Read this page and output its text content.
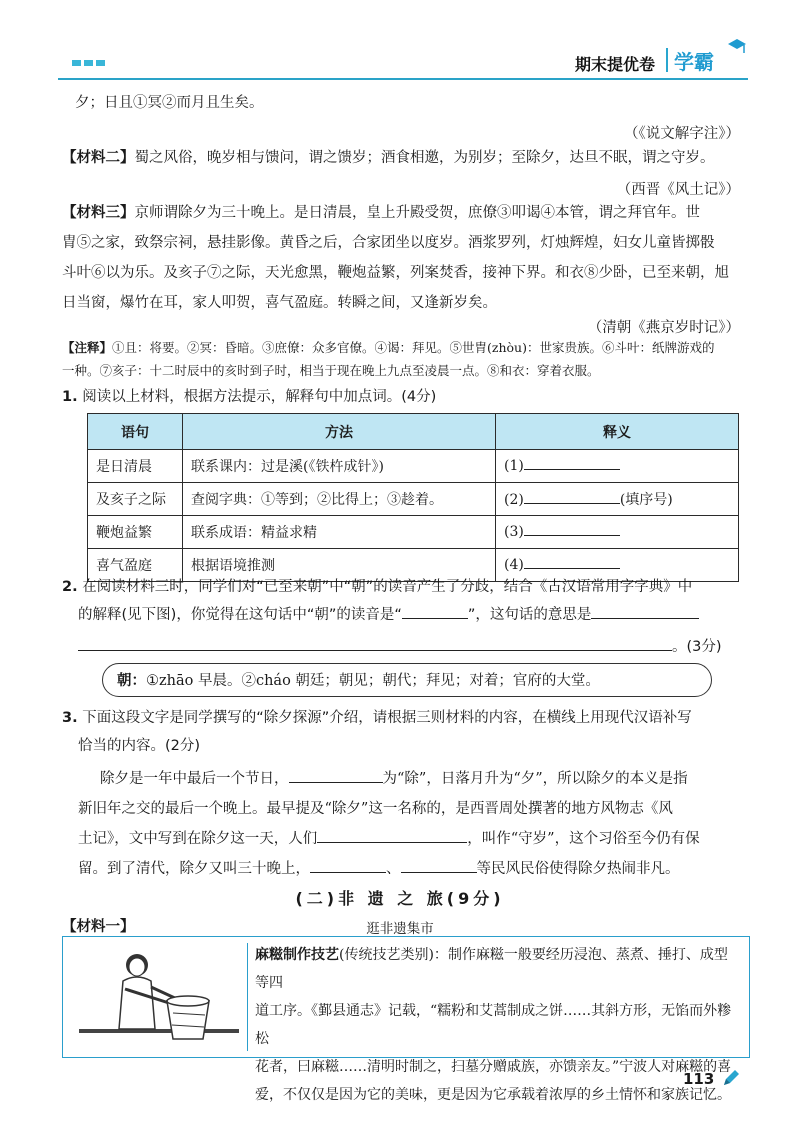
期末提优卷 学霸
夕；日且①冥②而月且生矣。
（《说文解字注》）
【材料二】蜀之风俗，晚岁相与馈问，谓之馈岁；酒食相邀，为别岁；至除夕，达旦不眠，谓之守岁。
（西晋《风土记》）
【材料三】京师谓除夕为三十晚上。是日清晨，皇上升殿受贺，庶僚③叩谒④本管，谓之拜官年。世
胄⑤之家，致祭宗祠，悬挂影像。黄昏之后，合家团坐以度岁。酒浆罗列，灯烛辉煌，妇女儿童皆掷骰
斗叶⑥以为乐。及亥子⑦之际，天光愈黑，鞭炮益繁，列案焚香，接神下界。和衣⑧少卧，已至来朝，旭
日当窗，爆竹在耳，家人叩贺，喜气盈庭。转瞬之间，又逢新岁矣。
（清朝《燕京岁时记》）
【注释】①且：将要。②冥：昏暗。③庶僚：众多官僚。④谒：拜见。⑤世胄(zhòu)：世家贵族。⑥斗叶：纸牌游戏的
一种。⑦亥子：十二时辰中的亥时到子时，相当于现在晚上九点至凌晨一点。⑧和衣：穿着衣服。
1. 阅读以上材料，根据方法提示，解释句中加点词。(4分)
语句	方法	释义
是日清晨	联系课内：过是溪(《铁杵成针》)	(1)
及亥子之际	查阅字典：①等到；②比得上；③趁着。	(2) (填序号)
鞭炮益繁	联系成语：精益求精	(3)
喜气盈庭	根据语境推测	(4)
2. 在阅读材料三时，同学们对“已至来朝”中“朝”的读音产生了分歧，结合《古汉语常用字字典》中
的解释(见下图)，你觉得在这句话中“朝”的读音是“	”，这句话的意思是
。(3分)
朝：①zhāo 早晨。②cháo 朝廷；朝见；朝代；拜见；对着；官府的大堂。
3. 下面这段文字是同学撰写的“除夕探源”介绍，请根据三则材料的内容，在横线上用现代汉语补写
恰当的内容。(2分)
除夕是一年中最后一个节日，	为“除”，日落月升为“夕”，所以除夕的本义是指
新旧年之交的最后一个晚上。最早提及“除夕”这一名称的，是西晋周处撰著的地方风物志《风
土记》，文中写到在除夕这一天，人们	，叫作“守岁”，这个习俗至今仍有保
留。到了清代，除夕又叫三十晚上，	、	等民风民俗使得除夕热闹非凡。
(二)非 遗 之 旅(9分)
【材料一】	逛非遗集市
麻糍制作技艺(传统技艺类别)：制作麻糍一般要经历浸泡、蒸煮、捶打、成型等四
道工序。《鄞县通志》记载，“糯粉和艾蒿制成之饼……其斜方形，无馅而外糁松
花者，曰麻糍……清明时制之，扫墓分赠戚族，亦馈亲友。”宁波人对麻糍的喜
爱，不仅仅是因为它的美味，更是因为它承载着浓厚的乡土情怀和家族记忆。
113
